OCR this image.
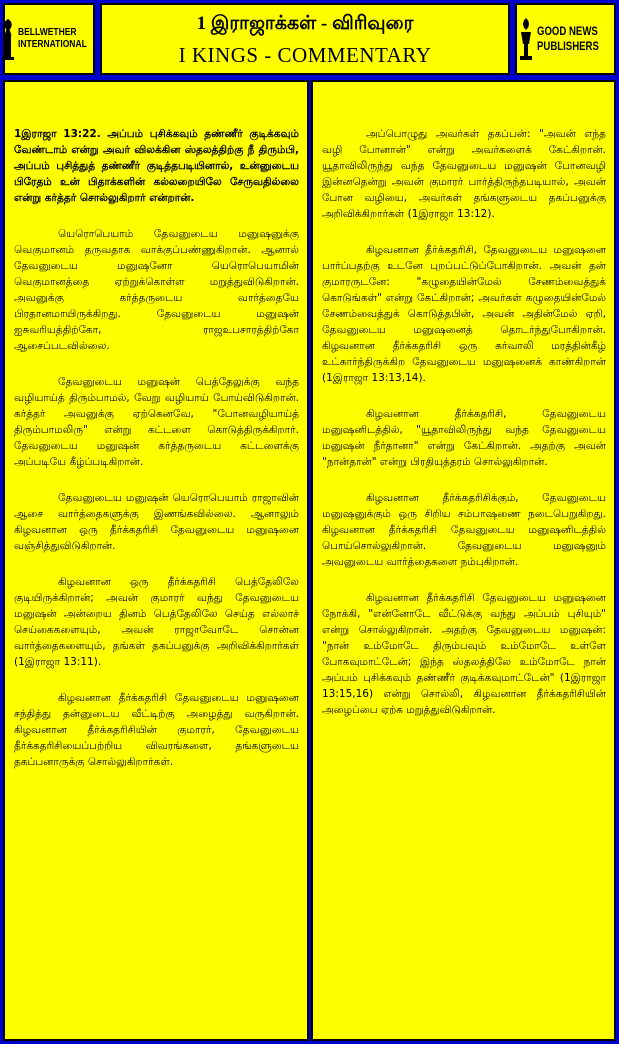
BELLWETHER
INTERNATIONAL
1 இராஜாக்கள் - விரிவுரை
I KINGS - COMMENTARY
GOOD NEWS
PUBLISHERS

1இராஜா 13:22. அப்பம் புசிக்கவும் தண்ணீர் குடிக்கவும் வேண்டாம் என்று அவர் விலக்கின ஸ்தலத்திற்கு நீ திரும்பி, அப்பம் புசித்துத் தண்ணீர் குடித்தபடியினால், உன்னுடைய பிரேதம் உன் பிதாக்களின் கல்லறையிலே சேருவதில்லை என்று கர்த்தர் சொல்லுகிறார் என்றான்.

யெரொபெயாம் தேவனுடைய மனுஷனுக்கு வெகுமானம் தருவதாக வாக்குப்பண்ணுகிறான். ஆனால் தேவனுடைய மனுஷனோ யெரொபெயாமின் வெகுமானத்தை ஏற்றுக்கொள்ள மறுத்துவிடுகிறான். அவனுக்கு கர்த்தருடைய வார்த்தையே பிரதானமாயிருக்கிறது. தேவனுடைய மனுஷன் ஐசுவரியத்திற்கோ, ராஜஉபசாரத்திற்கோ ஆசைப்படவில்லை.

தேவனுடைய மனுஷன் பெத்தேலுக்கு வந்த வழியாய்த் திரும்பாமல், வேறு வழியாய் போய்விடுகிறான். கர்த்தர் அவனுக்கு ஏற்கெனவே, "போனவழியாய்த் திரும்பாமலிரு" என்று கட்டளை கொடுத்திருக்கிறார். தேவனுடைய மனுஷன் கர்த்தருடைய கட்டளைக்கு அப்படியே கீழ்ப்படிகிறான்.

தேவனுடைய மனுஷன் யெரொபெயாம் ராஜாவின் ஆசை வார்த்தைகளுக்கு இணங்கவில்லை. ஆனாலும் கிழவனான ஒரு தீர்க்கதரிசி தேவனுடைய மனுஷனை வஞ்சித்துவிடுகிறான்.

கிழவனான ஒரு தீர்க்கதரிசி பெத்தேலிலே குடியிருக்கிறான்; அவன் குமாரர் வந்து தேவனுடைய மனுஷன் அன்றைய தினம் பெத்தேலிலே செய்த எல்லாச் செய்கைகளையும், அவன் ராஜாவோடே சொன்ன வார்த்தைகளையும், தங்கள் தகப்பனுக்கு அறிவிக்கிறார்கள் (1இராஜா 13:11).

கிழவனான தீர்க்கதரிசி தேவனுடைய மனுஷனை சந்தித்து தன்னுடைய வீட்டிற்கு அழைத்து வருகிறான். கிழவனான தீர்க்கதரிசியின் குமாரர், தேவனுடைய தீர்க்கதரிசியைப்பற்றிய விவரங்களை, தங்களுடைய தகப்பனாருக்கு சொல்லுகிறார்கள்.

அப்பொழுது அவர்கள் தகப்பன்: "அவன் எந்த வழி போனான்" என்று அவர்களைக் கேட்கிறான். யூதாவிலிருந்து வந்த தேவனுடைய மனுஷன் போனவழி இன்னதென்று அவன் குமாரர் பார்த்திருந்தபடியால், அவன் போன வழியை, அவர்கள் தங்களுடைய தகப்பனுக்கு அறிவிக்கிறார்கள் (1இராஜா 13:12).

கிழவனான தீர்க்கதரிசி, தேவனுடைய மனுஷனை பார்ப்பதற்கு உடனே புறப்பட்டுப்போகிறான். அவன் தன் குமாரருடனே: "கழுதையின்மேல் சேணம்வைத்துக் கொடுங்கள்" என்று கேட்கிறான்; அவர்கள் கழுதையின்மேல் சேணம்வைத்துக் கொடுத்தபின், அவன் அதின்மேல் ஏறி, தேவனுடைய மனுஷனைத் தொடர்ந்துபோகிறான். கிழவனான தீர்க்கதரிசி ஒரு கர்வாலி மரத்தின்கீழ் உட்கார்ந்திருக்கிற தேவனுடைய மனுஷனைக் காண்கிறான் (1இராஜா 13:13,14).

கிழவனான தீர்க்கதரிசி, தேவனுடைய மனுஷனிடத்தில், "யூதாவிலிருந்து வந்த தேவனுடைய மனுஷன் நீர்தானா" என்று கேட்கிறான். அதற்கு அவன் "நான்தான்" என்று பிரதியுத்தரம் சொல்லுகிறான்.

கிழவனான தீர்க்கதரிசிக்கும், தேவனுடைய மனுஷனுக்கும் ஒரு சிறிய சம்பாஷணை நடைபெறுகிறது. கிழவனான தீர்க்கதரிசி தேவனுடைய மனுஷனிடத்தில் பொய்சொல்லுகிறான். தேவனுடைய மனுஷனும் அவனுடைய வார்த்தைகளை நம்புகிறான்.

கிழவனான தீர்க்கதரிசி தேவனுடைய மனுஷனை நோக்கி, "என்னோடே வீட்டுக்கு வந்து அப்பம் புசியும்" என்று சொல்லுகிறான். அதற்கு தேவனுடைய மனுஷன்: "நான் உம்மோடே திரும்பவும் உம்மோடே உள்ளே போகவுமாட்டேன்; இந்த ஸ்தலத்திலே உம்மோடே நான் அப்பம் புசிக்கவும் தண்ணீர் குடிக்கவுமாட்டேன்" (1இராஜா 13:15,16) என்று சொல்லி, கிழவனான தீர்க்கதரிசியின் அழைப்பை ஏற்க மறுத்துவிடுகிறான்.
